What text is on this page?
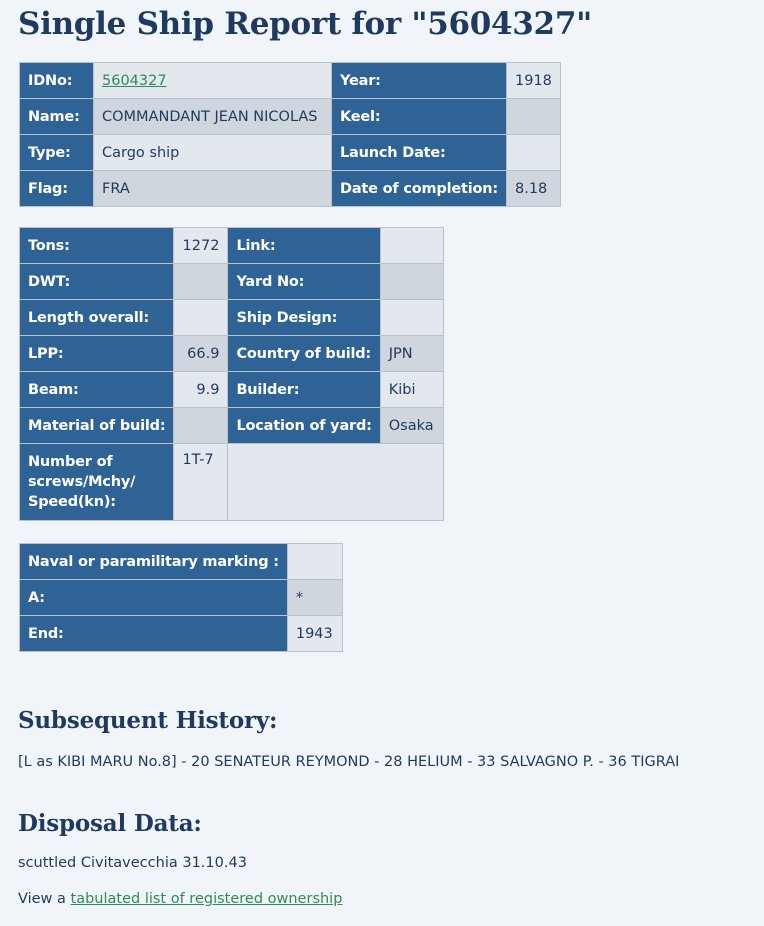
Single Ship Report for "5604327"
IDNo:	5604327	Year:	1918
Name:	COMMANDANT JEAN NICOLAS	Keel:	
Type:	Cargo ship	Launch Date:	
Flag:	FRA	Date of completion:	8.18
Tons:	1272	Link:	
DWT:		Yard No:	
Length overall:		Ship Design:	
LPP:	66.9	Country of build:	JPN
Beam:	9.9	Builder:	Kibi
Material of build:		Location of yard:	Osaka
Number of screws/Mchy/ Speed(kn):	1T-7		
Naval or paramilitary marking :	
A:	*
End:	1943
Subsequent History:

[L as KIBI MARU No.8] - 20 SENATEUR REYMOND - 28 HELIUM - 33 SALVAGNO P. - 36 TIGRAI

Disposal Data:

scuttled Civitavecchia 31.10.43

View a tabulated list of registered ownership
